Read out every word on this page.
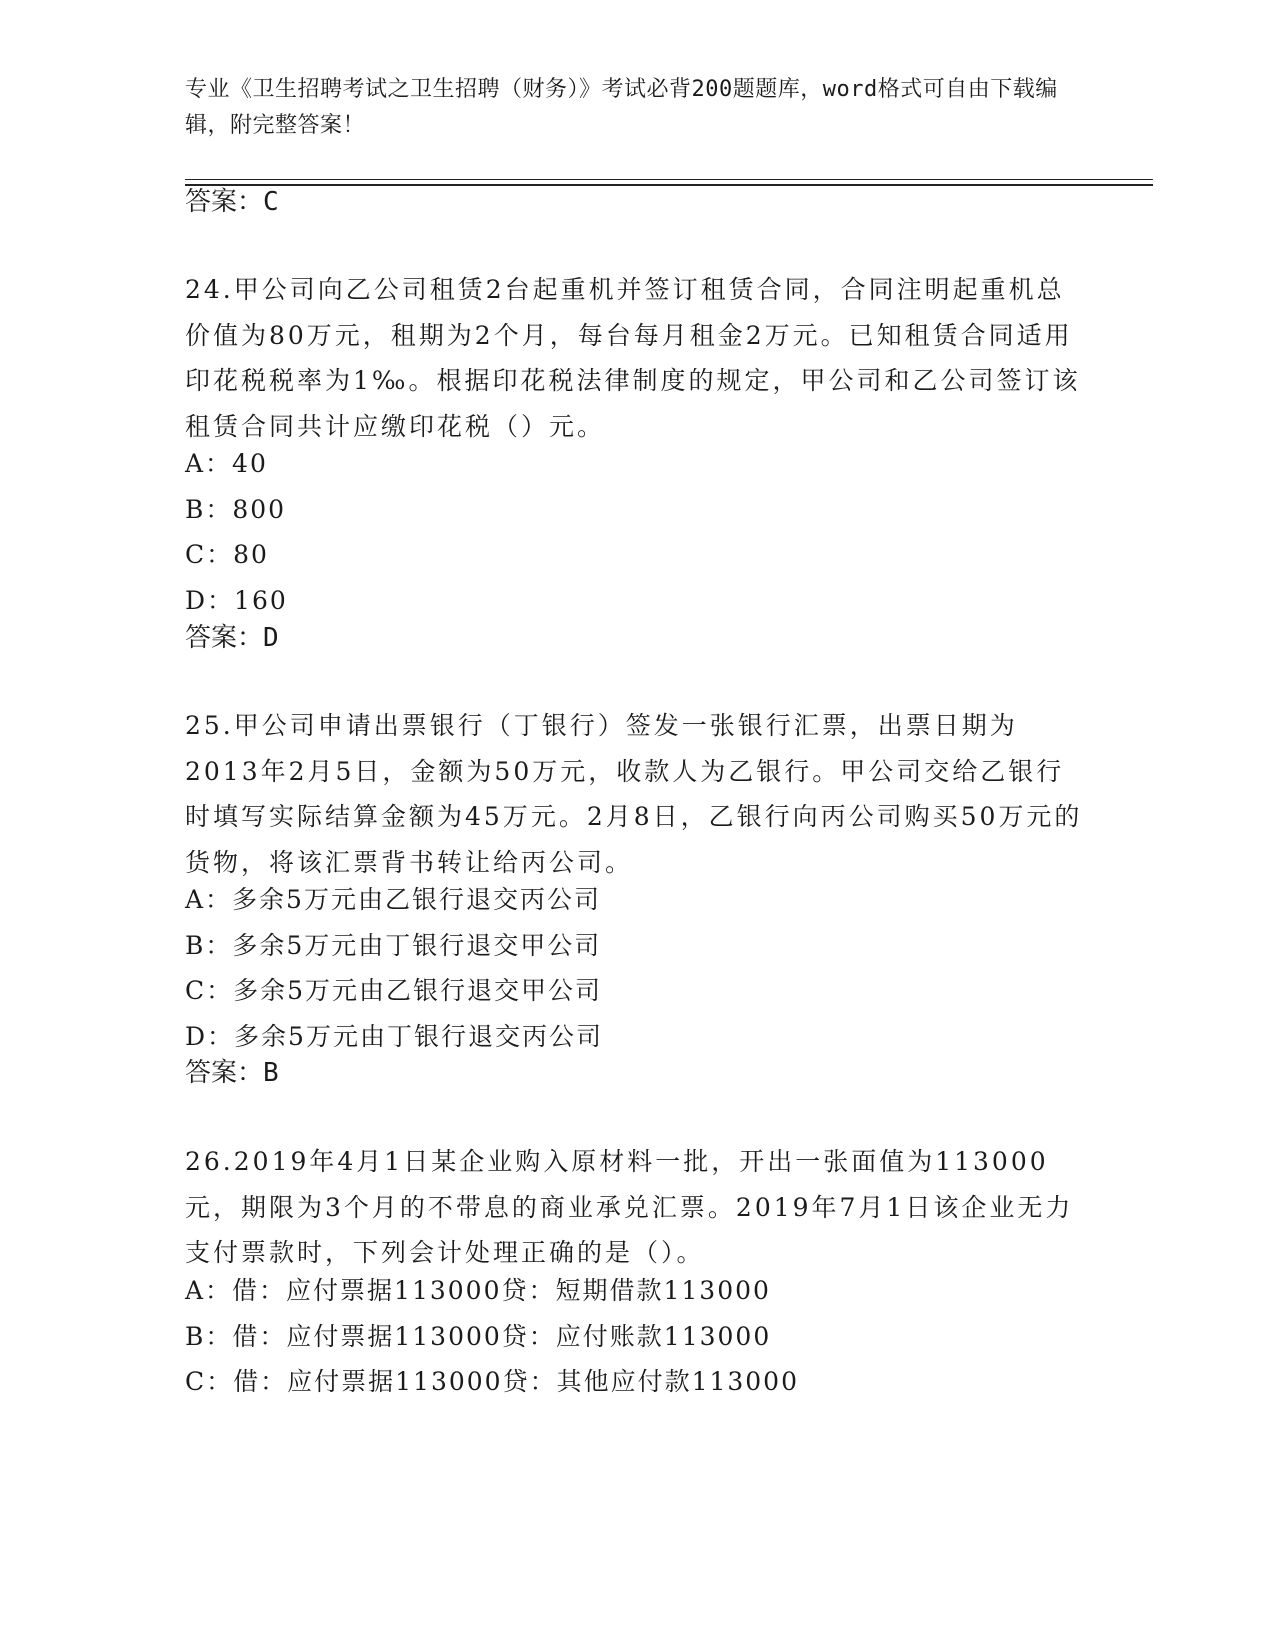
专业《卫生招聘考试之卫生招聘（财务）》考试必背200题题库，word格式可自由下载编辑，附完整答案！
答案：C
24.甲公司向乙公司租赁2台起重机并签订租赁合同，合同注明起重机总价值为80万元，租期为2个月，每台每月租金2万元。已知租赁合同适用印花税税率为1‰。根据印花税法律制度的规定，甲公司和乙公司签订该租赁合同共计应缴印花税（）元。
A：40
B：800
C：80
D：160
答案：D
25.甲公司申请出票银行（丁银行）签发一张银行汇票，出票日期为2013年2月5日，金额为50万元，收款人为乙银行。甲公司交给乙银行时填写实际结算金额为45万元。2月8日，乙银行向丙公司购买50万元的货物，将该汇票背书转让给丙公司。
A：多余5万元由乙银行退交丙公司
B：多余5万元由丁银行退交甲公司
C：多余5万元由乙银行退交甲公司
D：多余5万元由丁银行退交丙公司
答案：B
26.2019年4月1日某企业购入原材料一批，开出一张面值为113000元，期限为3个月的不带息的商业承兑汇票。2019年7月1日该企业无力支付票款时，下列会计处理正确的是（）。
A：借：应付票据113000贷：短期借款113000
B：借：应付票据113000贷：应付账款113000
C：借：应付票据113000贷：其他应付款113000
